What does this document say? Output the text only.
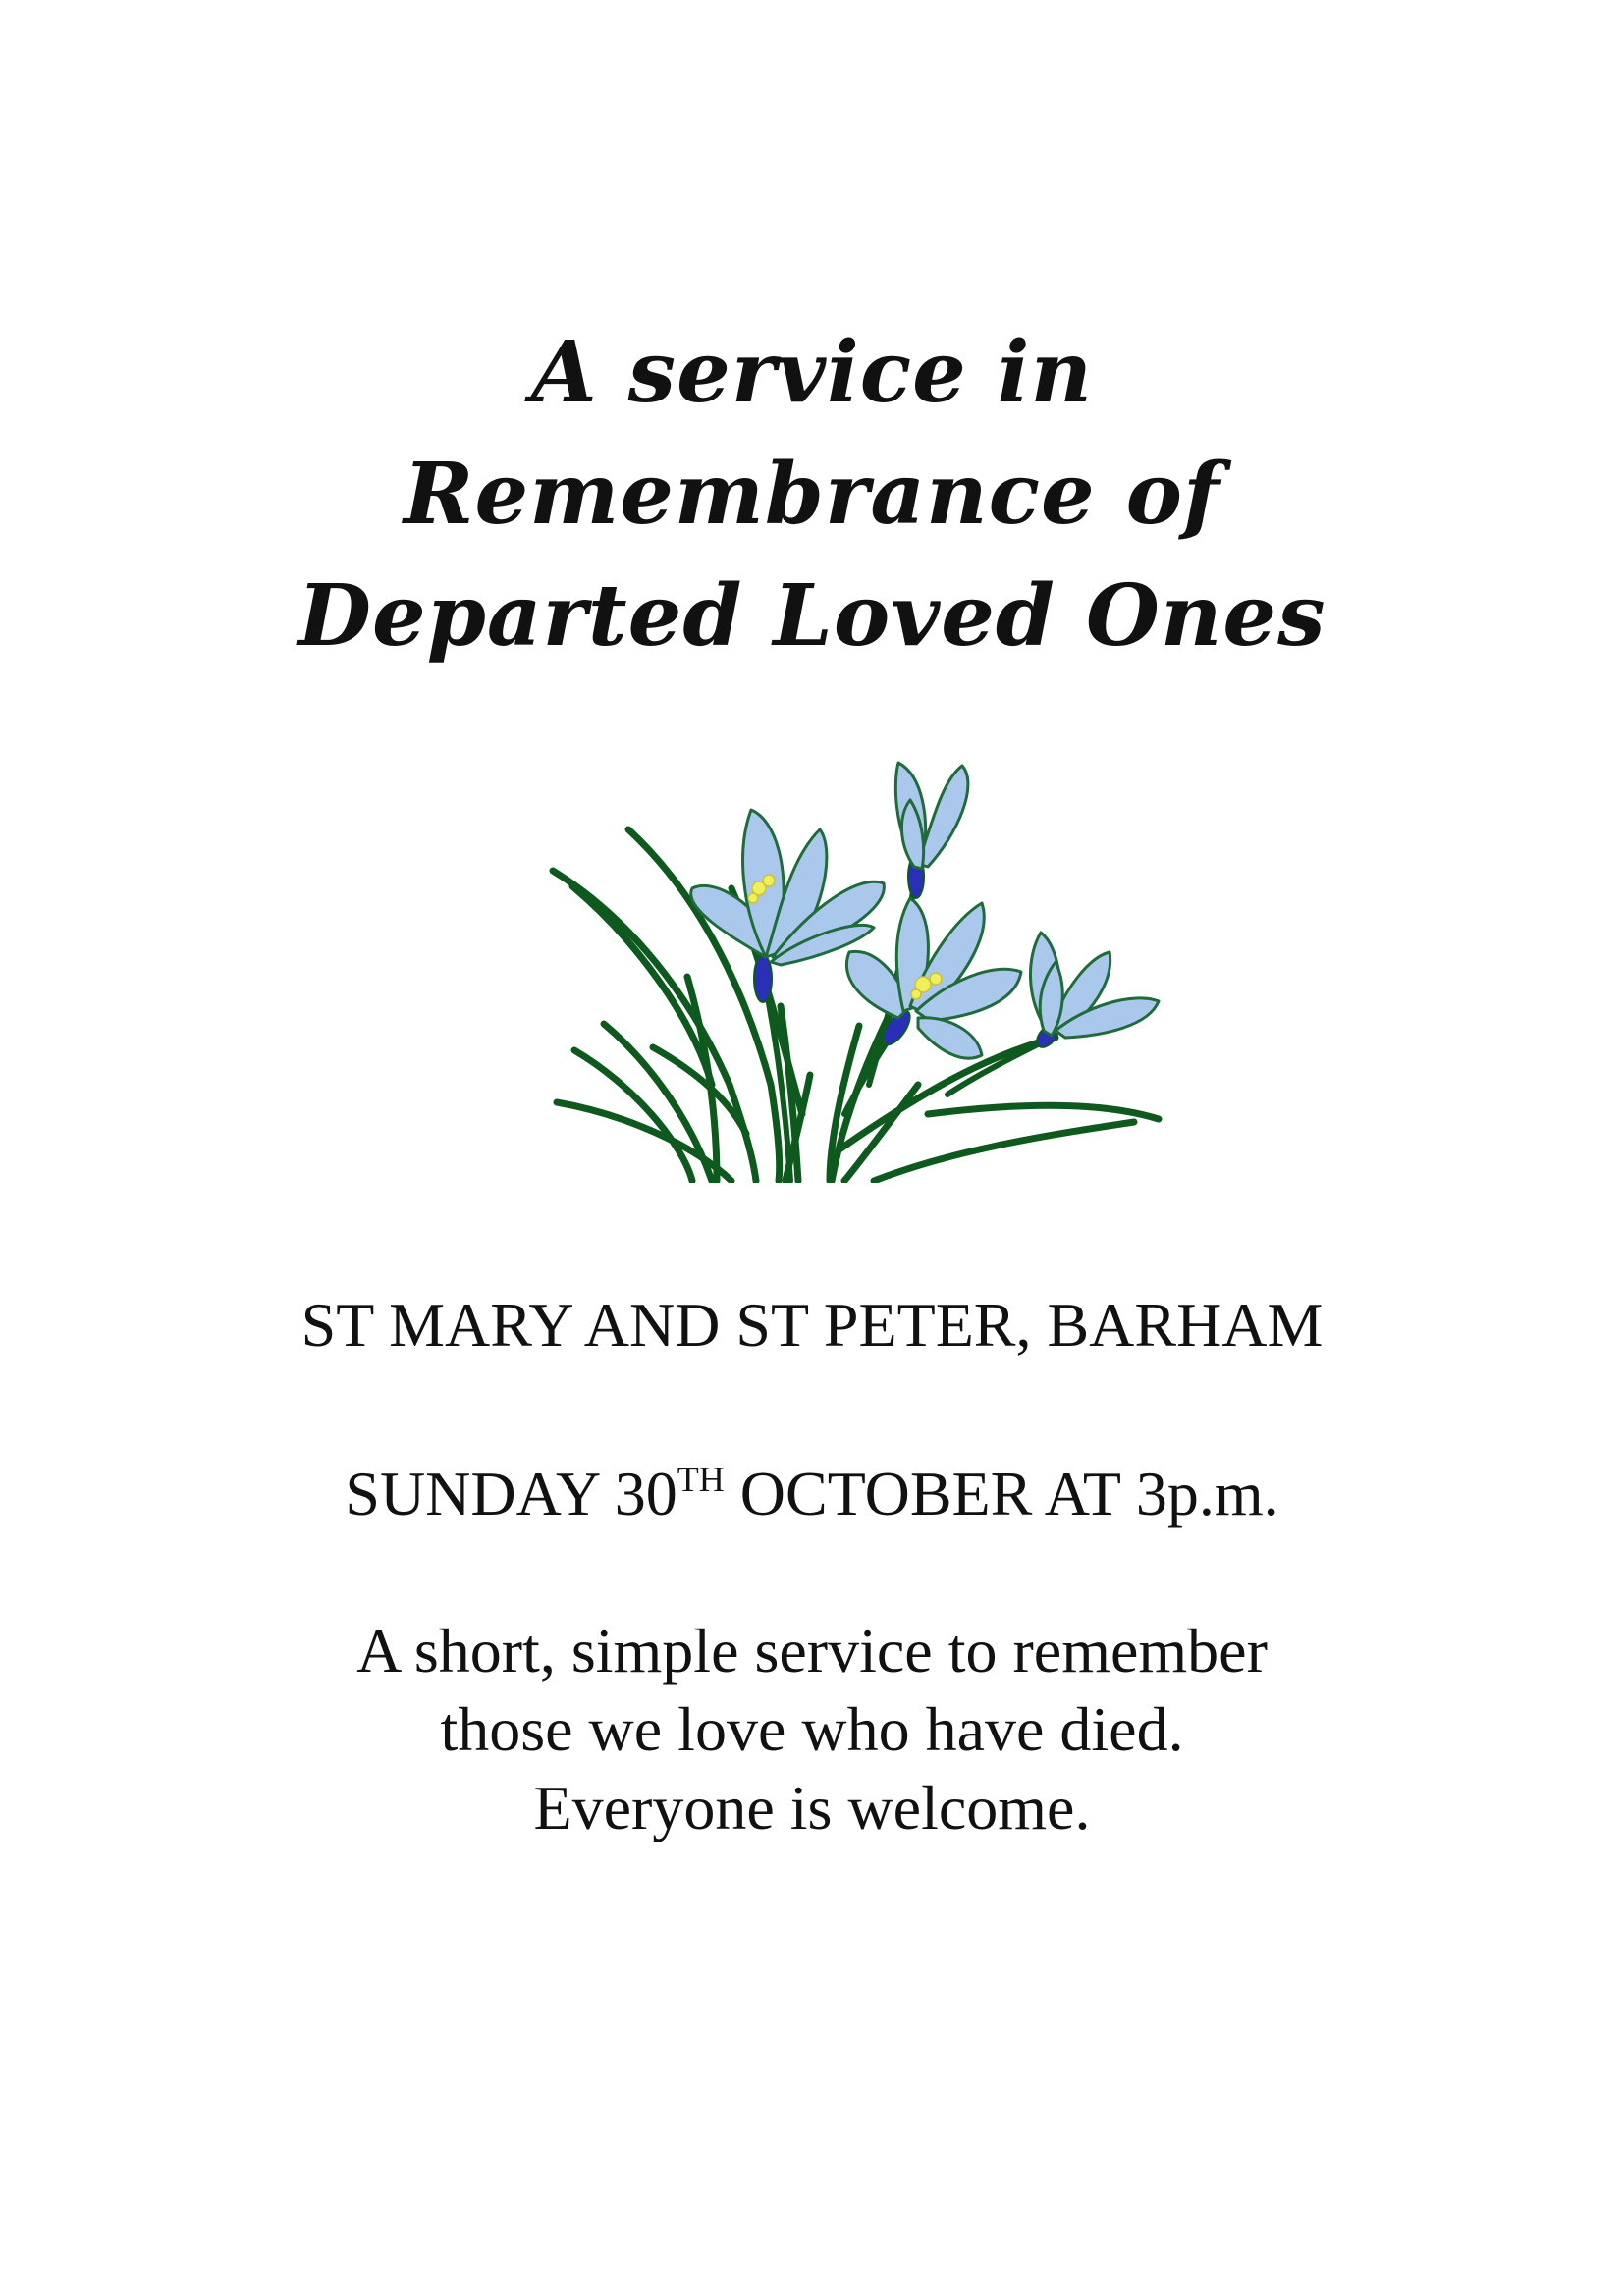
A service in
Remembrance of
Departed Loved Ones
ST MARY AND ST PETER, BARHAM
SUNDAY 30TH OCTOBER AT 3p.m.
A short, simple service to remember
those we love who have died.
Everyone is welcome.
